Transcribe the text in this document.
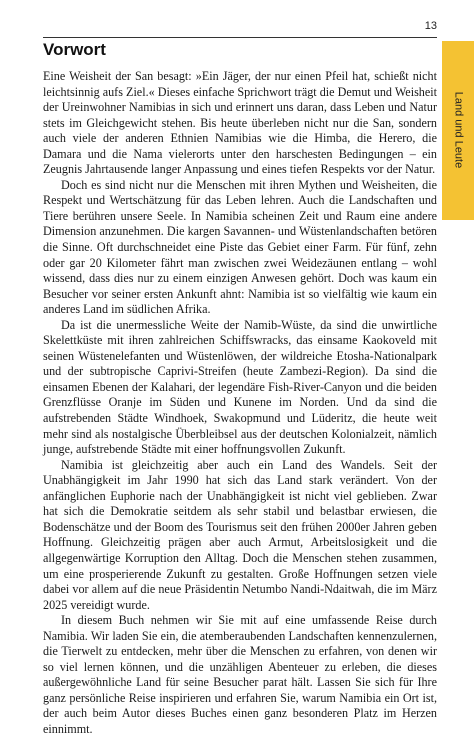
13
Land und Leute
Vorwort

Eine Weisheit der San besagt: »Ein Jäger, der nur einen Pfeil hat, schießt nicht leichtsinnig aufs Ziel.« Dieses einfache Sprichwort trägt die Demut und Weisheit der Ureinwohner Namibias in sich und erinnert uns daran, dass Leben und Natur stets im Gleichgewicht stehen. Bis heute überleben nicht nur die San, sondern auch viele der anderen Ethnien Namibias wie die Himba, die Herero, die Damara und die Nama vielerorts unter den harschesten Bedingungen – ein Zeugnis Jahrtausende langer Anpassung und eines tiefen Respekts vor der Natur.

Doch es sind nicht nur die Menschen mit ihren Mythen und Weisheiten, die Respekt und Wertschätzung für das Leben lehren. Auch die Landschaften und Tiere berühren unsere Seele. In Namibia scheinen Zeit und Raum eine andere Dimension anzunehmen. Die kargen Savannen- und Wüstenlandschaften betören die Sinne. Oft durchschneidet eine Piste das Gebiet einer Farm. Für fünf, zehn oder gar 20 Kilometer fährt man zwischen zwei Weidezäunen entlang – wohl wissend, dass dies nur zu einem einzigen Anwesen gehört. Doch was kaum ein Besucher vor seiner ersten Ankunft ahnt: Namibia ist so vielfältig wie kaum ein anderes Land im südlichen Afrika.

Da ist die unermessliche Weite der Namib-Wüste, da sind die unwirtliche Skelettküste mit ihren zahlreichen Schiffswracks, das einsame Kaokoveld mit seinen Wüstenelefanten und Wüstenlöwen, der wildreiche Etosha-Nationalpark und der subtropische Caprivi-Streifen (heute Zambezi-Region). Da sind die einsamen Ebenen der Kalahari, der legendäre Fish-River-Canyon und die beiden Grenzflüsse Oranje im Süden und Kunene im Norden. Und da sind die aufstrebenden Städte Windhoek, Swakopmund und Lüderitz, die heute weit mehr sind als nostalgische Überbleibsel aus der deutschen Kolonialzeit, nämlich junge, aufstrebende Städte mit einer hoffnungsvollen Zukunft.

Namibia ist gleichzeitig aber auch ein Land des Wandels. Seit der Unabhängigkeit im Jahr 1990 hat sich das Land stark verändert. Von der anfänglichen Euphorie nach der Unabhängigkeit ist nicht viel geblieben. Zwar hat sich die Demokratie seitdem als sehr stabil und belastbar erwiesen, die Bodenschätze und der Boom des Tourismus seit den frühen 2000er Jahren geben Hoffnung. Gleichzeitig prägen aber auch Armut, Arbeitslosigkeit und die allgegenwärtige Korruption den Alltag. Doch die Menschen stehen zusammen, um eine prosperierende Zukunft zu gestalten. Große Hoffnungen setzen viele dabei vor allem auf die neue Präsidentin Netumbo Nandi-Ndaitwah, die im März 2025 vereidigt wurde.

In diesem Buch nehmen wir Sie mit auf eine umfassende Reise durch Namibia. Wir laden Sie ein, die atemberaubenden Landschaften kennenzulernen, die Tierwelt zu entdecken, mehr über die Menschen zu erfahren, von denen wir so viel lernen können, und die unzähligen Abenteuer zu erleben, die dieses außergewöhnliche Land für seine Besucher parat hält. Lassen Sie sich für Ihre ganz persönliche Reise inspirieren und erfahren Sie, warum Namibia ein Ort ist, der auch beim Autor dieses Buches einen ganz besonderen Platz im Herzen einnimmt.
